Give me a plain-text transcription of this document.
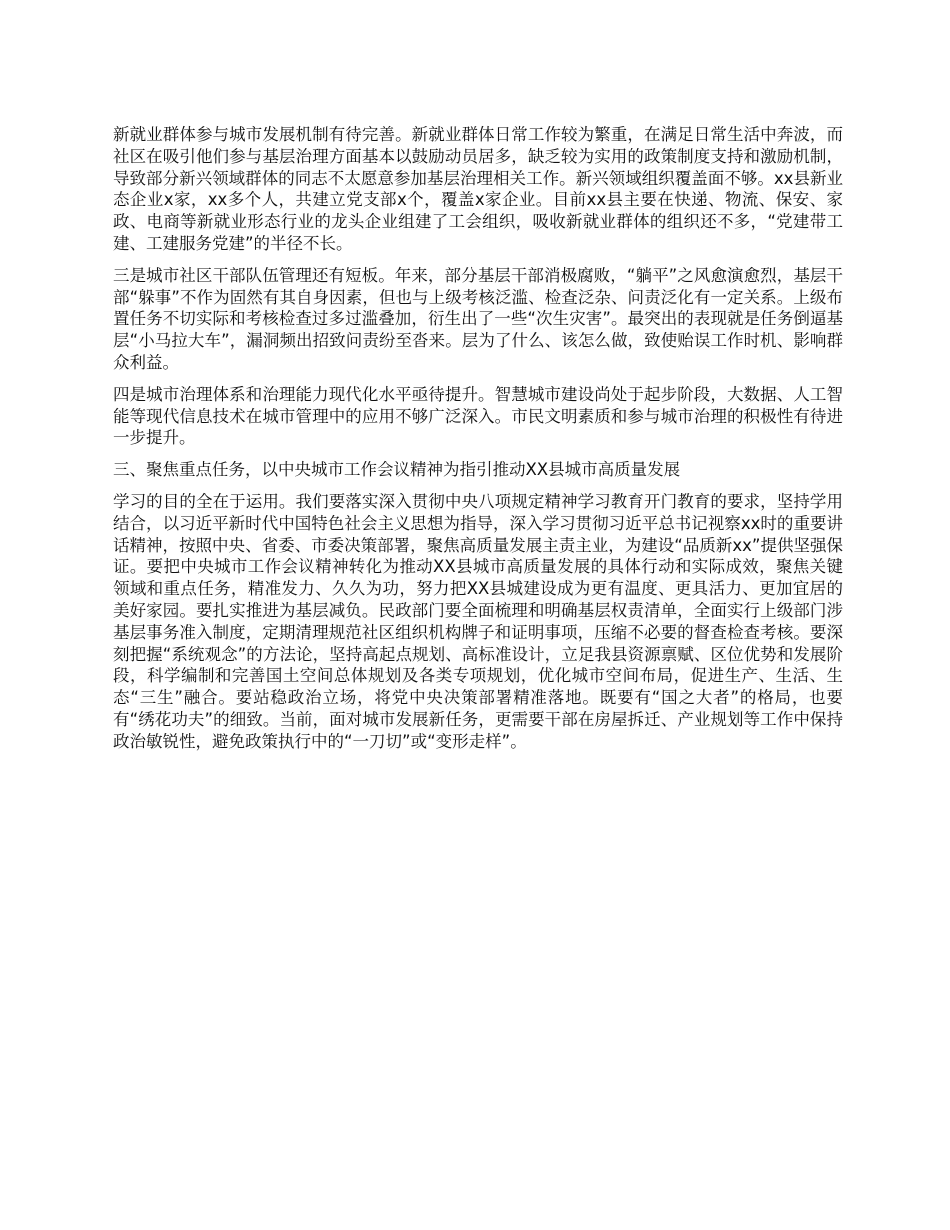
新就业群体参与城市发展机制有待完善。新就业群体日常工作较为繁重，在满足日常生活中奔波，而社区在吸引他们参与基层治理方面基本以鼓励动员居多，缺乏较为实用的政策制度支持和激励机制，导致部分新兴领域群体的同志不太愿意参加基层治理相关工作。新兴领域组织覆盖面不够。xx县新业态企业x家，xx多个人，共建立党支部x个，覆盖x家企业。目前xx县主要在快递、物流、保安、家政、电商等新就业形态行业的龙头企业组建了工会组织，吸收新就业群体的组织还不多，“党建带工建、工建服务党建”的半径不长。

三是城市社区干部队伍管理还有短板。年来，部分基层干部消极腐败，“躺平”之风愈演愈烈，基层干部“躲事”不作为固然有其自身因素，但也与上级考核泛滥、检查泛杂、问责泛化有一定关系。上级布置任务不切实际和考核检查过多过滥叠加，衍生出了一些“次生灾害”。最突出的表现就是任务倒逼基层“小马拉大车”，漏洞频出招致问责纷至沓来。层为了什么、该怎么做，致使贻误工作时机、影响群众利益。

四是城市治理体系和治理能力现代化水平亟待提升。智慧城市建设尚处于起步阶段，大数据、人工智能等现代信息技术在城市管理中的应用不够广泛深入。市民文明素质和参与城市治理的积极性有待进一步提升。

三、聚焦重点任务，以中央城市工作会议精神为指引推动XX县城市高质量发展

学习的目的全在于运用。我们要落实深入贯彻中央八项规定精神学习教育开门教育的要求，坚持学用结合，以习近平新时代中国特色社会主义思想为指导，深入学习贯彻习近平总书记视察xx时的重要讲话精神，按照中央、省委、市委决策部署，聚焦高质量发展主责主业，为建设“品质新xx”提供坚强保证。要把中央城市工作会议精神转化为推动XX县城市高质量发展的具体行动和实际成效，聚焦关键领域和重点任务，精准发力、久久为功，努力把XX县城建设成为更有温度、更具活力、更加宜居的美好家园。要扎实推进为基层减负。民政部门要全面梳理和明确基层权责清单，全面实行上级部门涉基层事务准入制度，定期清理规范社区组织机构牌子和证明事项，压缩不必要的督查检查考核。要深刻把握“系统观念”的方法论，坚持高起点规划、高标准设计，立足我县资源禀赋、区位优势和发展阶段，科学编制和完善国土空间总体规划及各类专项规划，优化城市空间布局，促进生产、生活、生态“三生”融合。要站稳政治立场，将党中央决策部署精准落地。既要有“国之大者”的格局，也要有“绣花功夫”的细致。当前，面对城市发展新任务，更需要干部在房屋拆迁、产业规划等工作中保持政治敏锐性，避免政策执行中的“一刀切”或“变形走样”。
